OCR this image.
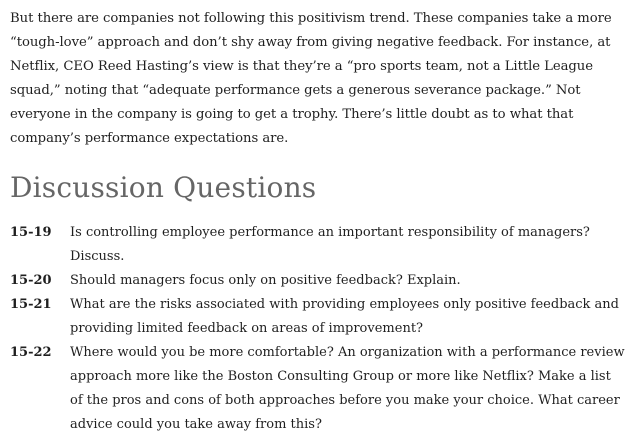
But there are companies not following this positivism trend. These companies take a more “tough-love” approach and don’t shy away from giving negative feedback. For instance, at Netflix, CEO Reed Hasting’s view is that they’re a “pro sports team, not a Little League squad,” noting that “adequate performance gets a generous severance package.” Not everyone in the company is going to get a trophy. There’s little doubt as to what that company’s performance expectations are.

Discussion Questions
15-19	Is controlling employee performance an important responsibility of managers? Discuss.
15-20	Should managers focus only on positive feedback? Explain.
15-21	What are the risks associated with providing employees only positive feedback and providing limited feedback on areas of improvement?
15-22	Where would you be more comfortable? An organization with a performance review approach more like the Boston Consulting Group or more like Netflix? Make a list of the pros and cons of both approaches before you make your choice. What career advice could you take away from this?
